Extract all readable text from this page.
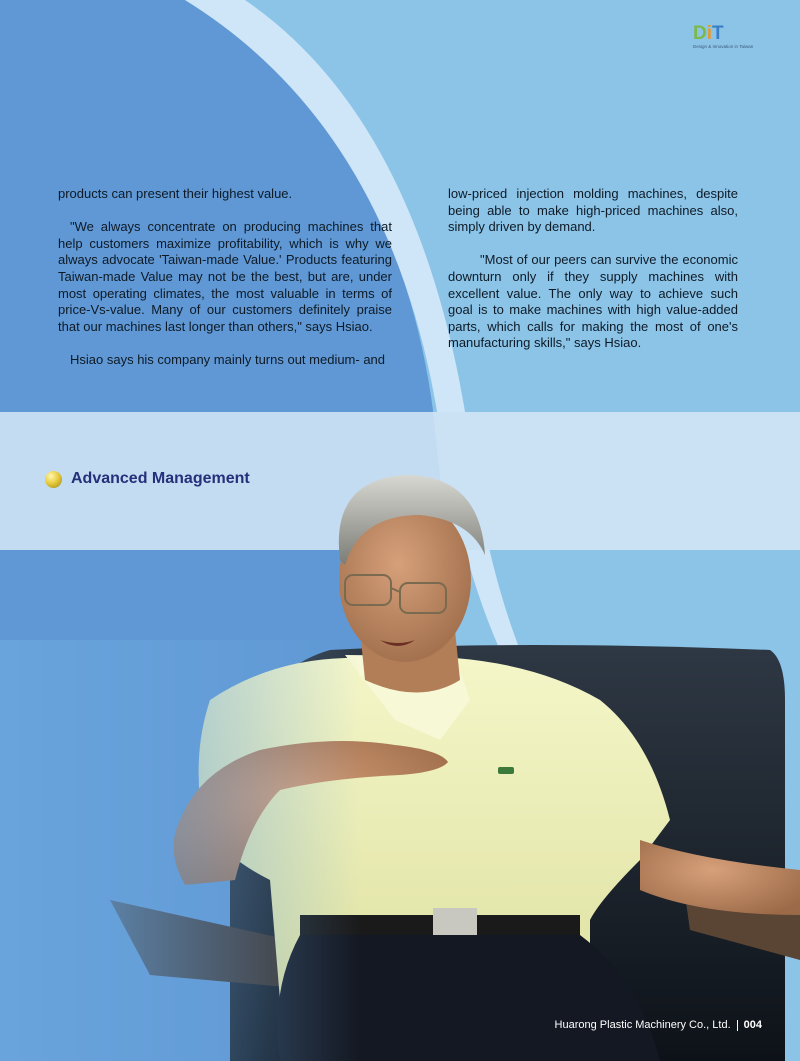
DiT
Design & Innovation in Taiwan

products can present their highest value.

"We always concentrate on producing machines that help customers maximize profitability, which is why we always advocate 'Taiwan-made Value.' Products featuring Taiwan-made Value may not be the best, but are, under most operating climates, the most valuable in terms of price-Vs-value. Many of our customers definitely praise that our machines last longer than others," says Hsiao.

Hsiao says his company mainly turns out medium- and

low-priced injection molding machines, despite being able to make high-priced machines also, simply driven by demand.

"Most of our peers can survive the economic downturn only if they supply machines with excellent value. The only way to achieve such goal is to make machines with high value-added parts, which calls for making the most of one's manufacturing skills," says Hsiao.

Advanced Management
Huarong Plastic Machinery Co., Ltd. 004
